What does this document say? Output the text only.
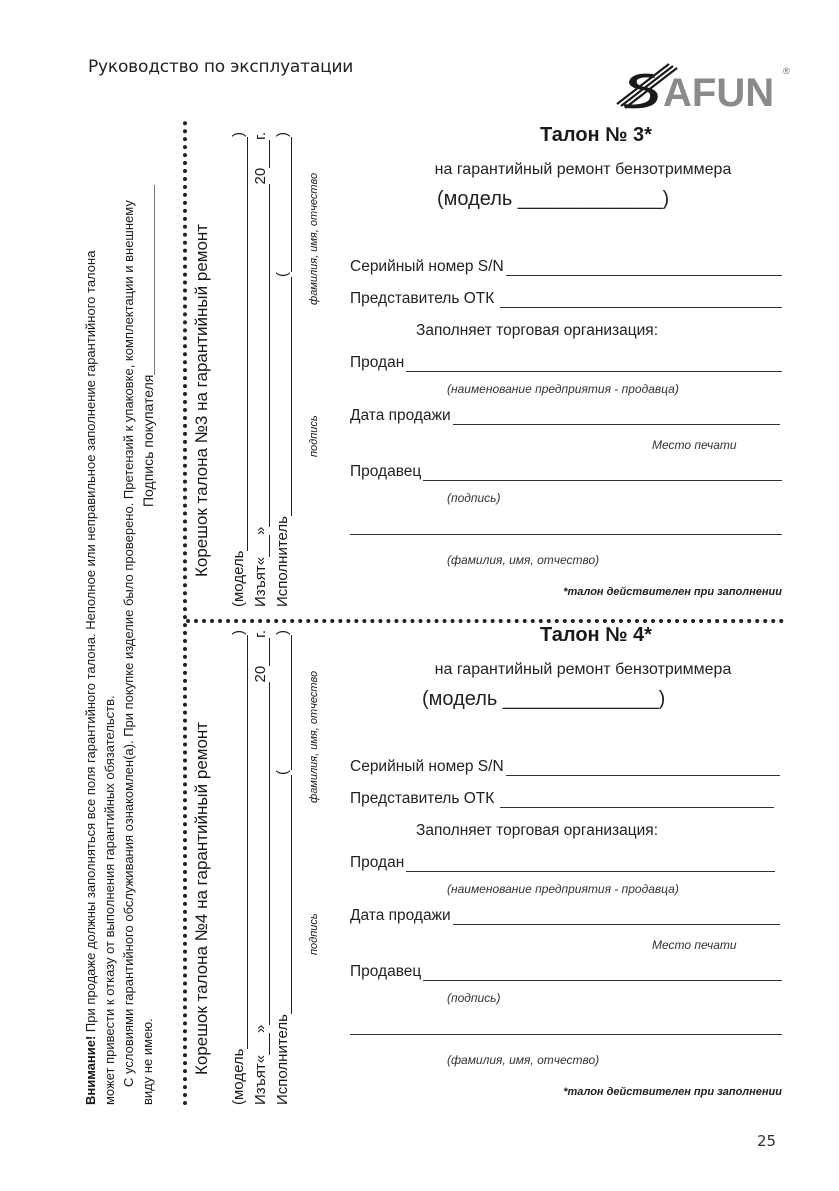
Руководство по эксплуатации
AFUN ®
Внимание! При продаже должны заполняться все поля гарантийного талона. Неполное или неправильное заполнение гарантийного талона может привести к отказу от выполнения гарантийных обязательств. С условиями гарантийного обслуживания ознакомлен(а). При покупке изделие было проверено. Претензий к упаковке, комплектации и внешнему виду не имею.
Подпись покупателя
Корешок талона №4 на гарантийный ремонт
(модель
)
Изъят«
»
20
г.
Исполнитель
(
)
подпись
фамилия, имя, отчество
Корешок талона №3 на гарантийный ремонт
(модель
)
Изъят«
»
20
г.
Исполнитель
(
)
подпись
фамилия, имя, отчество
Талон № 3*
на гарантийный ремонт бензотриммера
(модель _____________)
Серийный номер S/N
Представитель ОТК
Заполняет торговая организация:
Продан
(наименование предприятия - продавца)
Дата продажи
Место печати
Продавец
(подпись)
(фамилия, имя, отчество)
*талон действителен при заполнении
Талон № 4*
на гарантийный ремонт бензотриммера
(модель ______________)
Серийный номер S/N
Представитель ОТК
Заполняет торговая организация:
Продан
(наименование предприятия - продавца)
Дата продажи
Место печати
Продавец
(подпись)
(фамилия, имя, отчество)
*талон действителен при заполнении
25
